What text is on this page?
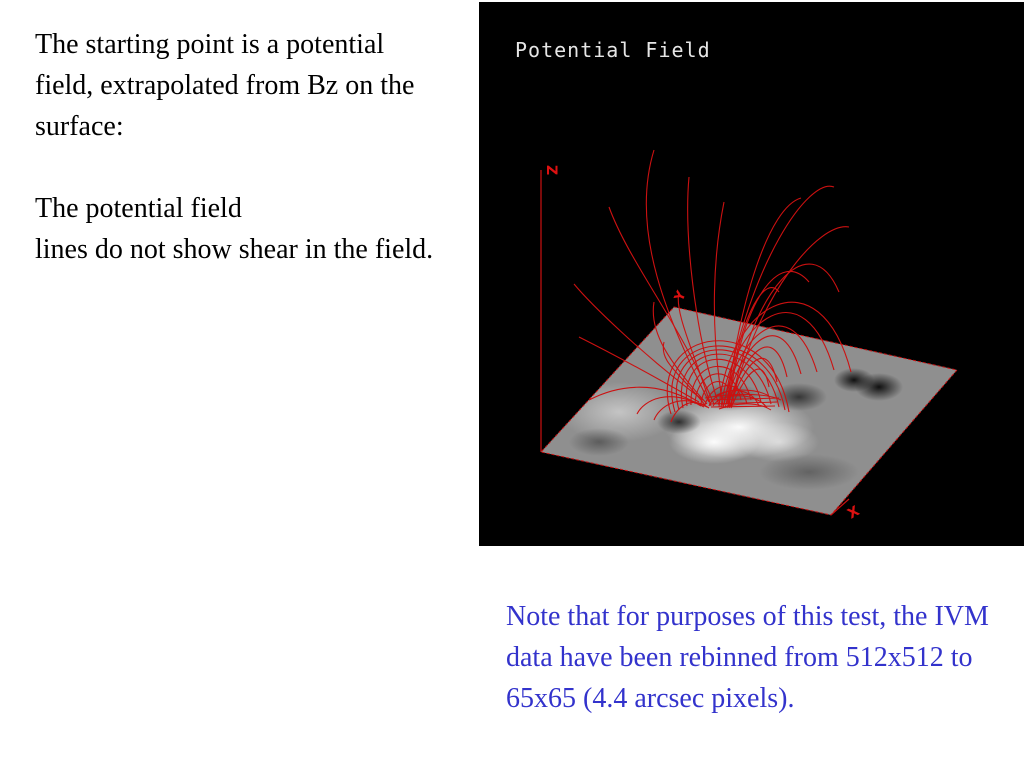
The starting point is a potential field, extrapolated from Bz on the surface:

The potential field
lines do not show shear in the field.

Potential Field
Z
Y
X
Note that for purposes of this test, the IVM data have been rebinned from 512x512 to 65x65 (4.4 arcsec pixels).
